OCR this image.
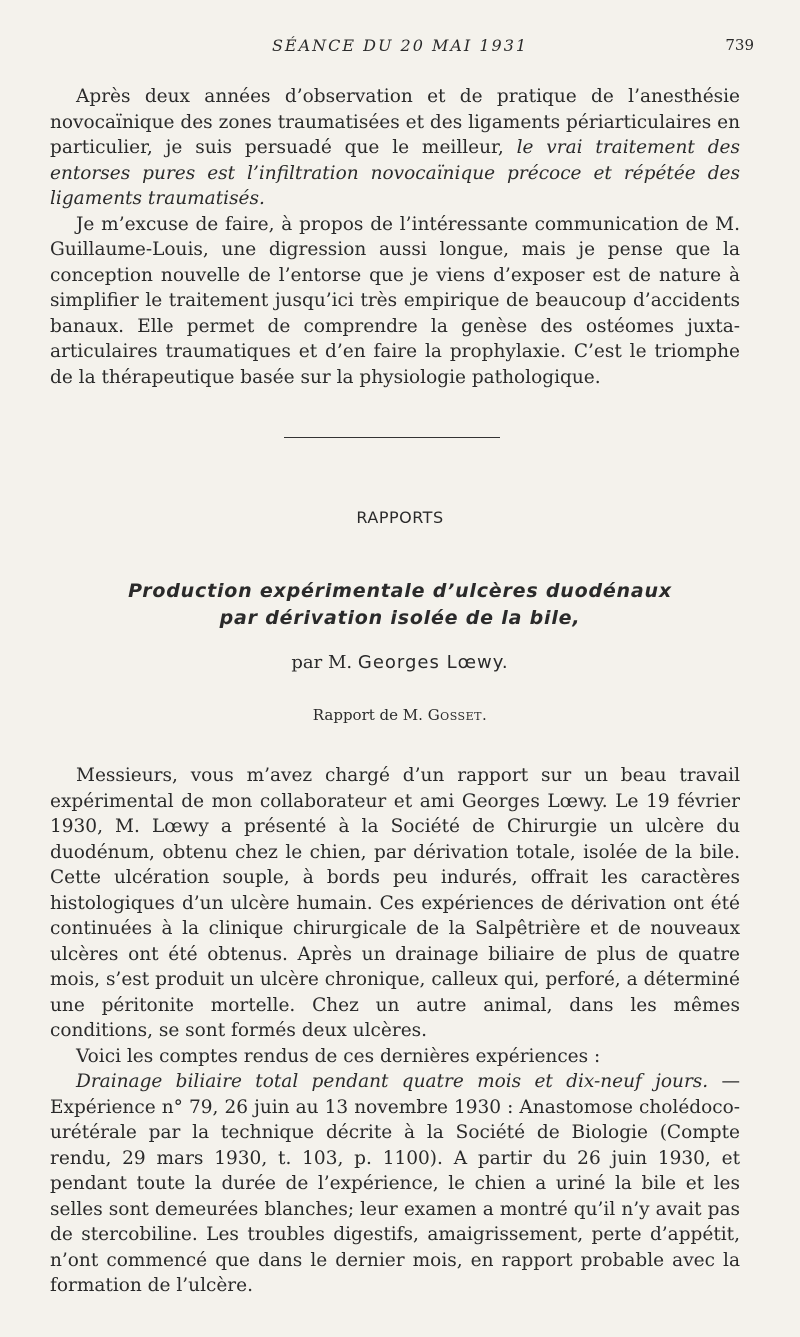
SÉANCE DU 20 MAI 1931	739

Après deux années d’observation et de pratique de l’anesthésie novocaïnique des zones traumatisées et des ligaments périarticulaires en particulier, je suis persuadé que le meilleur, le vrai traitement des entorses pures est l’infiltration novocaïnique précoce et répétée des ligaments traumatisés.

Je m’excuse de faire, à propos de l’intéressante communication de M. Guillaume-Louis, une digression aussi longue, mais je pense que la conception nouvelle de l’entorse que je viens d’exposer est de nature à simplifier le traitement jusqu’ici très empirique de beaucoup d’accidents banaux. Elle permet de comprendre la genèse des ostéomes juxta-articulaires traumatiques et d’en faire la prophylaxie. C’est le triomphe de la thérapeutique basée sur la physiologie pathologique.

RAPPORTS
Production expérimentale d’ulcères duodénaux
par dérivation isolée de la bile,
par M. Georges Lœwy.
Rapport de M. Gosset.

Messieurs, vous m’avez chargé d’un rapport sur un beau travail expérimental de mon collaborateur et ami Georges Lœwy. Le 19 février 1930, M. Lœwy a présenté à la Société de Chirurgie un ulcère du duodénum, obtenu chez le chien, par dérivation totale, isolée de la bile. Cette ulcération souple, à bords peu indurés, offrait les caractères histologiques d’un ulcère humain. Ces expériences de dérivation ont été continuées à la clinique chirurgicale de la Salpêtrière et de nouveaux ulcères ont été obtenus. Après un drainage biliaire de plus de quatre mois, s’est produit un ulcère chronique, calleux qui, perforé, a déterminé une péritonite mortelle. Chez un autre animal, dans les mêmes conditions, se sont formés deux ulcères.

Voici les comptes rendus de ces dernières expériences :

Drainage biliaire total pendant quatre mois et dix-neuf jours. — Expérience n° 79, 26 juin au 13 novembre 1930 : Anastomose cholédoco-urétérale par la technique décrite à la Société de Biologie (Compte rendu, 29 mars 1930, t. 103, p. 1100). A partir du 26 juin 1930, et pendant toute la durée de l’expérience, le chien a uriné la bile et les selles sont demeurées blanches; leur examen a montré qu’il n’y avait pas de stercobiline. Les troubles digestifs, amaigrissement, perte d’appétit, n’ont commencé que dans le dernier mois, en rapport probable avec la formation de l’ulcère.
